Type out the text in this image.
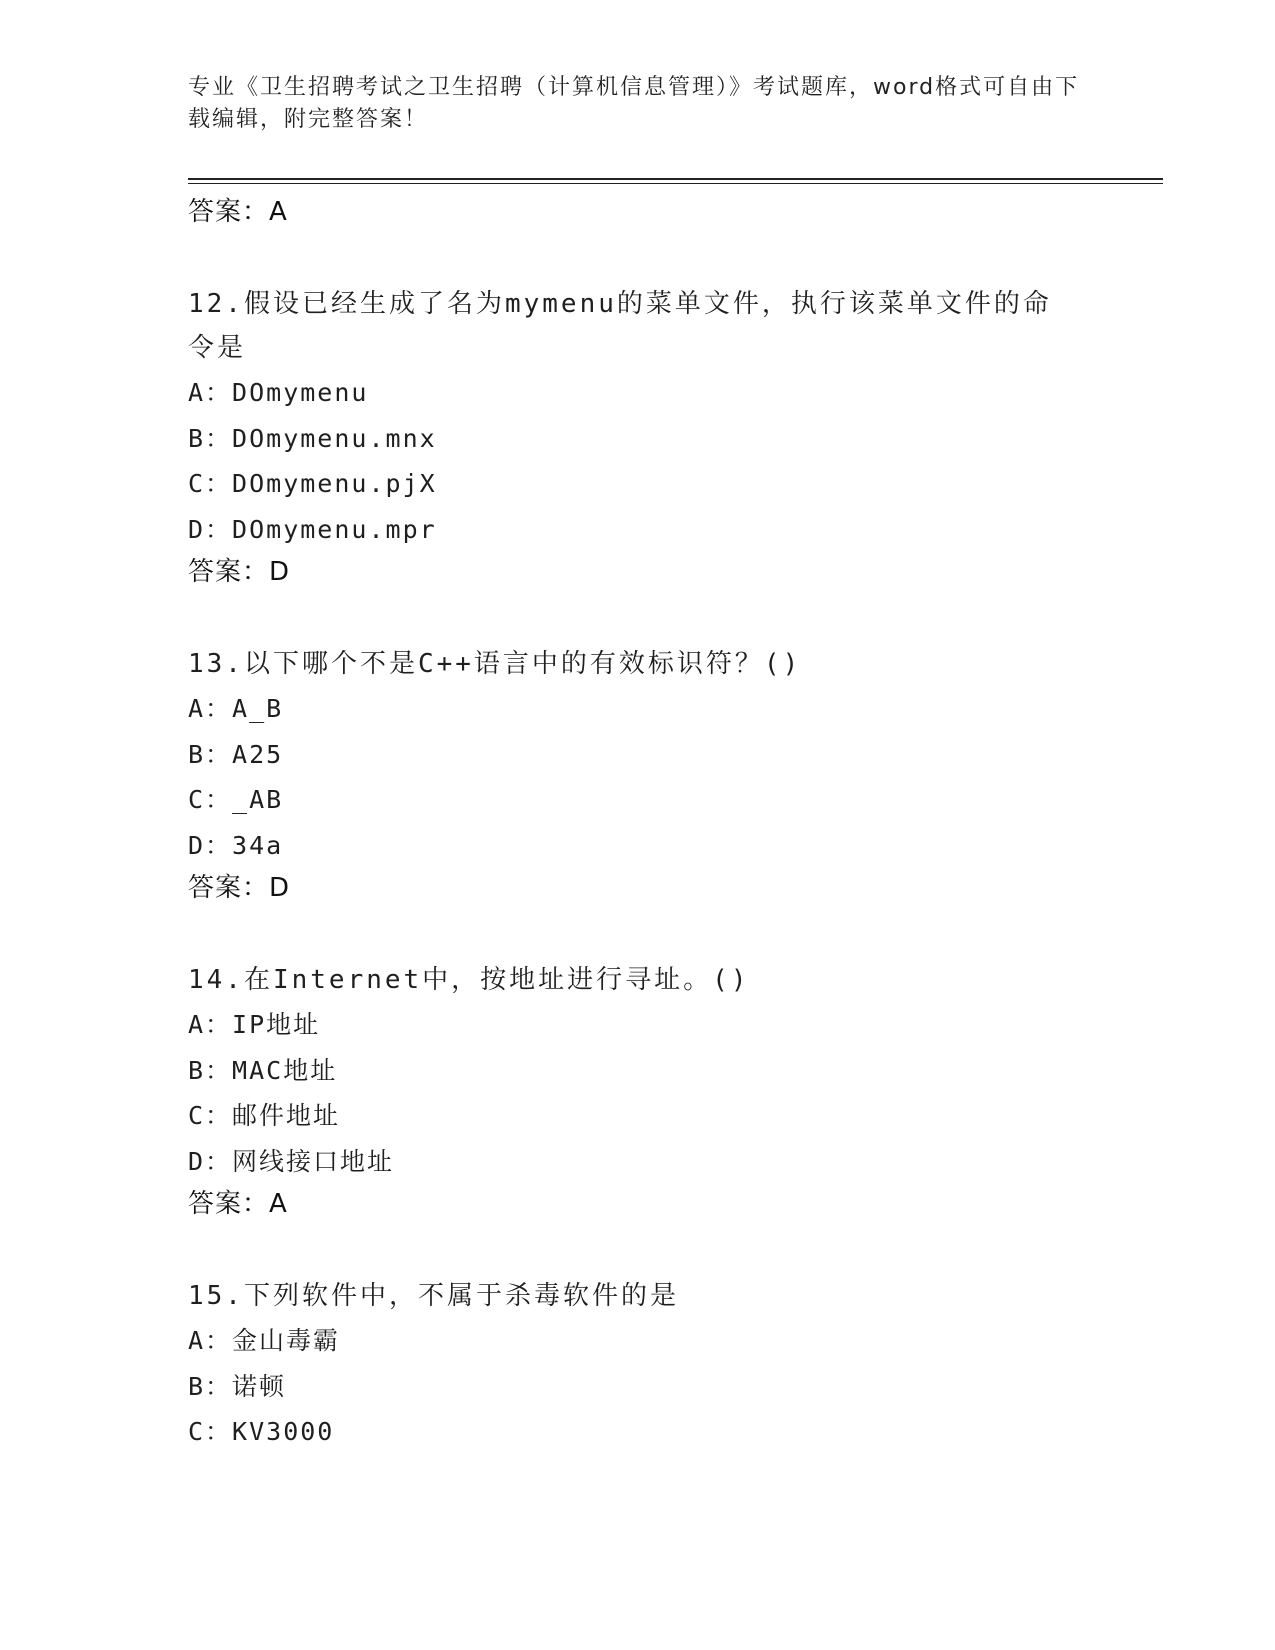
专业《卫生招聘考试之卫生招聘（计算机信息管理）》考试题库，word格式可自由下载编辑，附完整答案！
答案：A
12.假设已经生成了名为mymenu的菜单文件，执行该菜单文件的命令是
A：DOmymenu
B：DOmymenu.mnx
C：DOmymenu.pjX
D：DOmymenu.mpr
答案：D
13.以下哪个不是C++语言中的有效标识符？()
A：A_B
B：A25
C：_AB
D：34a
答案：D
14.在Internet中，按地址进行寻址。()
A：IP地址
B：MAC地址
C：邮件地址
D：网线接口地址
答案：A
15.下列软件中，不属于杀毒软件的是
A：金山毒霸
B：诺顿
C：KV3000
